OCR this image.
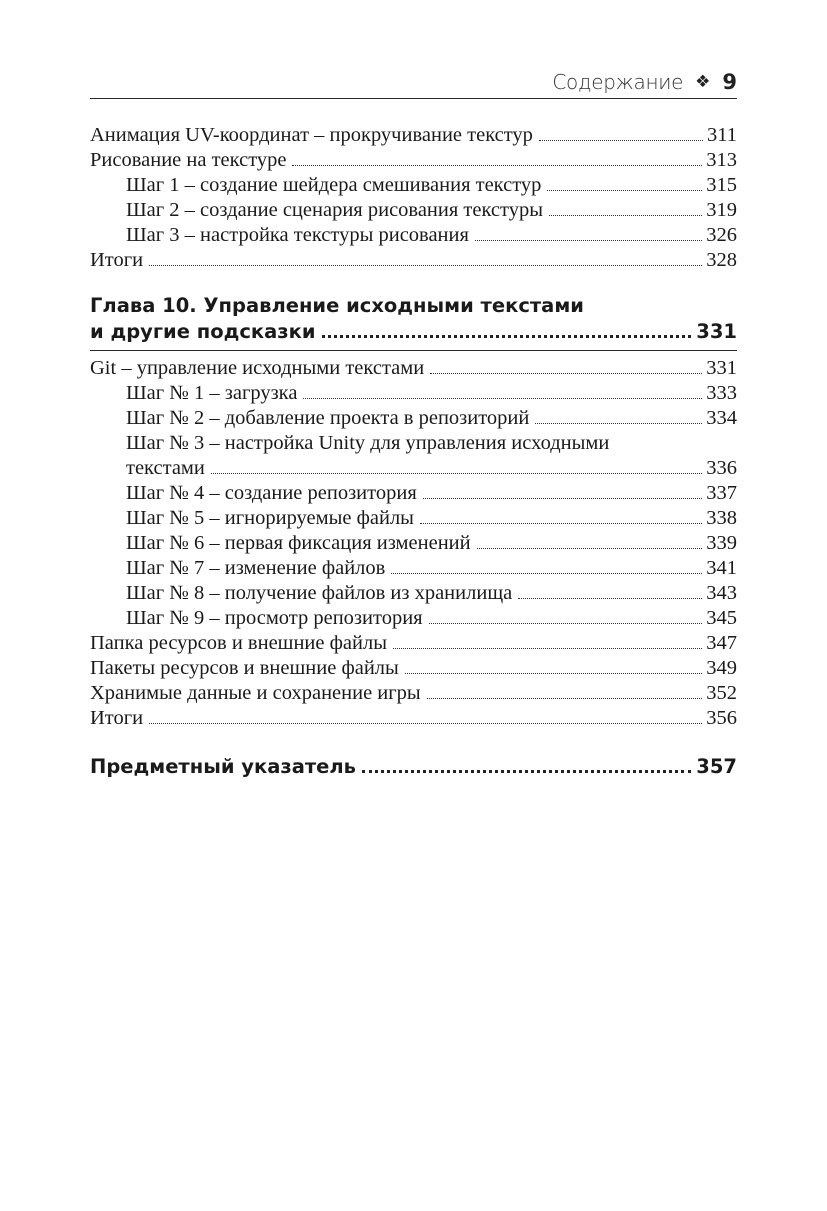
Содержание ❖ 9
Анимация UV-координат – прокручивание текстур	311
Рисование на текстуре	313
Шаг 1 – создание шейдера смешивания текстур	315
Шаг 2 – создание сценария рисования текстуры	319
Шаг 3 – настройка текстуры рисования	326
Итоги	328
Глава 10. Управление исходными текстами
и другие подсказки	331
Git – управление исходными текстами	331
Шаг № 1 – загрузка	333
Шаг № 2 – добавление проекта в репозиторий	334
Шаг № 3 – настройка Unity для управления исходными
текстами	336
Шаг № 4 – создание репозитория	337
Шаг № 5 – игнорируемые файлы	338
Шаг № 6 – первая фиксация изменений	339
Шаг № 7 – изменение файлов	341
Шаг № 8 – получение файлов из хранилища	343
Шаг № 9 – просмотр репозитория	345
Папка ресурсов и внешние файлы	347
Пакеты ресурсов и внешние файлы	349
Хранимые данные и сохранение игры	352
Итоги	356
Предметный указатель	357
